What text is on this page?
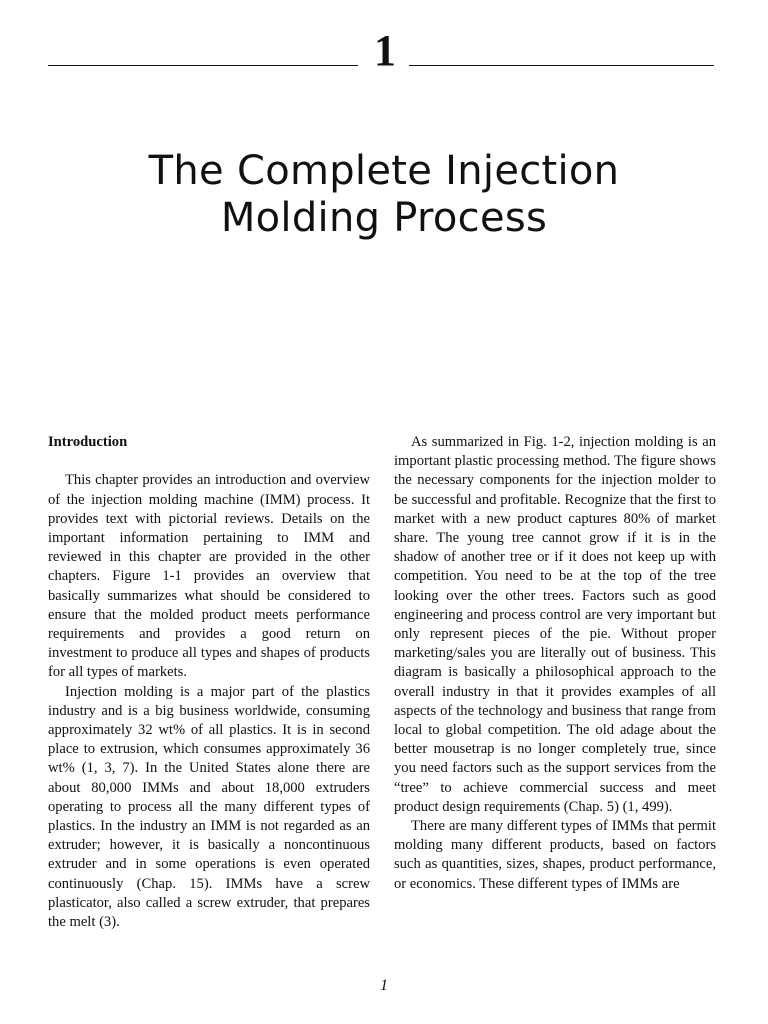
1
The Complete Injection
Molding Process
Introduction

This chapter provides an introduction and overview of the injection molding machine (IMM) process. It provides text with pictorial reviews. Details on the important information pertaining to IMM and reviewed in this chapter are provided in the other chapters. Figure 1-1 provides an overview that basically summarizes what should be considered to ensure that the molded product meets performance requirements and provides a good return on investment to produce all types and shapes of products for all types of markets.

Injection molding is a major part of the plastics industry and is a big business worldwide, consuming approximately 32 wt% of all plastics. It is in second place to extrusion, which consumes approximately 36 wt% (1, 3, 7). In the United States alone there are about 80,000 IMMs and about 18,000 extruders operating to process all the many different types of plastics. In the industry an IMM is not regarded as an extruder; however, it is basically a noncontinuous extruder and in some operations is even operated continuously (Chap. 15). IMMs have a screw plasticator, also called a screw extruder, that prepares the melt (3).

As summarized in Fig. 1-2, injection molding is an important plastic processing method. The figure shows the necessary components for the injection molder to be successful and profitable. Recognize that the first to market with a new product captures 80% of market share. The young tree cannot grow if it is in the shadow of another tree or if it does not keep up with competition. You need to be at the top of the tree looking over the other trees. Factors such as good engineering and process control are very important but only represent pieces of the pie. Without proper marketing/sales you are literally out of business. This diagram is basically a philosophical approach to the overall industry in that it provides examples of all aspects of the technology and business that range from local to global competition. The old adage about the better mousetrap is no longer completely true, since you need factors such as the support services from the “tree” to achieve commercial success and meet product design requirements (Chap. 5) (1, 499).

There are many different types of IMMs that permit molding many different products, based on factors such as quantities, sizes, shapes, product performance, or economics. These different types of IMMs are

1
